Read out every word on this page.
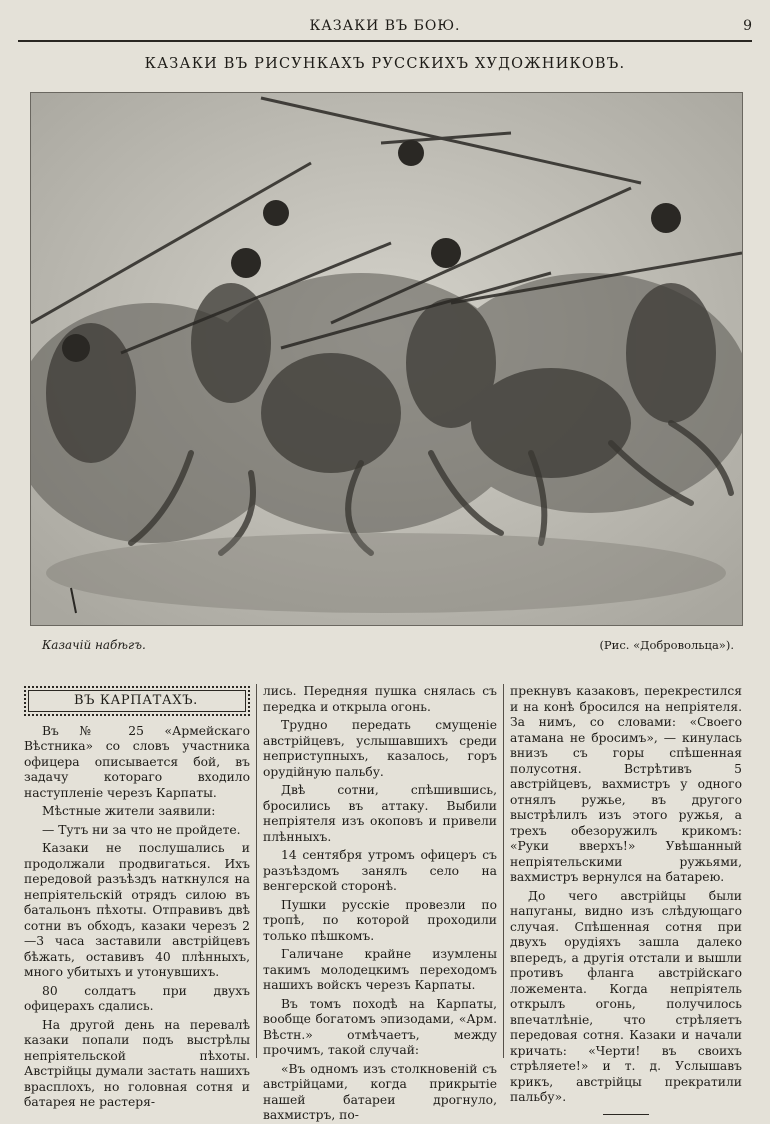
КАЗАКИ ВЪ БОЮ.	9
КАЗАКИ ВЪ РИСУНКАХЪ РУССКИХЪ ХУДОЖНИКОВЪ.
Казачій набѣгъ.	(Рис. «Добровольца»).
ВЪ КАРПАТАХЪ.

Въ № 25 «Армейскагo Вѣстника» со словъ участника офицера описывается бой, въ задачу котораго входило наступленіе черезъ Карпаты.

Мѣстные жители заявили:

— Тутъ ни за что не пройдете.

Казаки не послушались и продолжали продвигаться. Ихъ передовой разъѣздъ наткнулся на непріятельскій отрядъ силою въ батальонъ пѣхоты. Отправивъ двѣ сотни въ обходъ, казаки черезъ 2—3 часа заставили австрійцевъ бѣжать, оставивъ 40 плѣнныхъ, много убитыхъ и утонувшихъ.

80 солдатъ при двухъ офицерахъ сдались.

На другой день на перевалѣ казаки попали подъ выстрѣлы непріятельской пѣхоты. Австрійцы думали застать нашихъ врасплохъ, но головная сотня и батарея не растеря-

лись. Передняя пушка снялась съ передка и открыла огонь.

Трудно передать смущеніе австрійцевъ, услышавшихъ среди неприступныхъ, казалось, горъ орудійную пальбу.

Двѣ сотни, спѣшившись, бросились въ аттаку. Выбили непріятеля изъ окоповъ и привели плѣнныхъ.

14 сентября утромъ офицеръ съ разъѣздомъ занялъ село на венгерской сторонѣ.

Пушки русскіе провезли по тропѣ, по которой проходили только пѣшкомъ.

Галичане крайне изумлены такимъ молодецкимъ переходомъ нашихъ войскъ черезъ Карпаты.

Въ томъ походѣ на Карпаты, вообще богатомъ эпизодами, «Арм. Вѣстн.» отмѣчаетъ, между прочимъ, такой случай:

«Въ одномъ изъ столкновеній съ австрійцами, когда прикрытіе нашей батареи дрогнуло, вахмистръ, по-

прекнувъ казаковъ, перекрестился и на конѣ бросился на непріятеля. За нимъ, со словами: «Своего атамана не бросимъ», — кинулась внизъ съ горы спѣшенная полусотня. Встрѣтивъ 5 австрійцевъ, вахмистръ у одного отнялъ ружье, въ другого выстрѣлилъ изъ этого ружья, а трехъ обезоружилъ крикомъ: «Руки вверхъ!» Увѣшанный непріятельскими ружьями, вахмистръ вернулся на батарею.

До чего австрійцы были напуганы, видно изъ слѣдующаго случая. Спѣшенная сотня при двухъ орудіяхъ зашла далеко впередъ, а другія отстали и вышли противъ фланга австрійскаго ложемента. Когда непріятель открылъ огонь, получилось впечатлѣніе, что стрѣляетъ передовая сотня. Казаки и начали кричать: «Черти! въ своихъ стрѣляете!» и т. д. Услышавъ крикъ, австрійцы прекратили пальбу».
